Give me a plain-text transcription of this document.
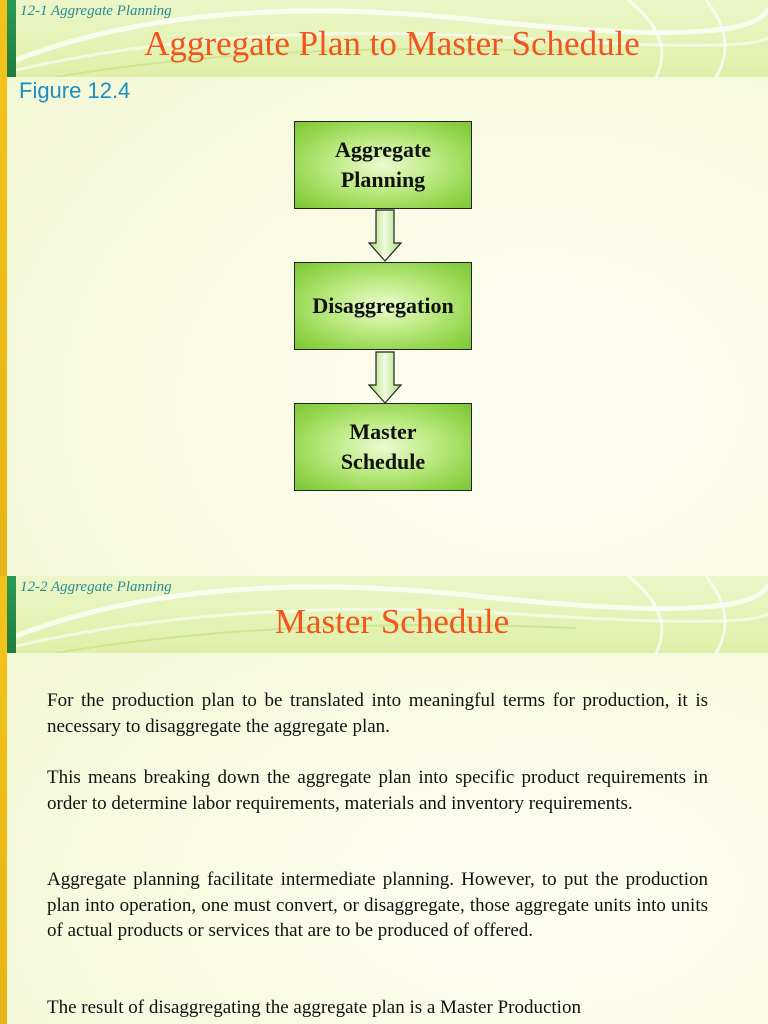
12-1 Aggregate Planning
Aggregate Plan to Master Schedule
Figure 12.4
Aggregate
Planning
Disaggregation
Master
Schedule
12-2 Aggregate Planning
Master Schedule

For the production plan to be translated into meaningful terms for production, it is necessary to disaggregate the aggregate plan.

This means breaking down the aggregate plan into specific product requirements in order to determine labor requirements, materials and inventory requirements.

Aggregate planning facilitate intermediate planning. However, to put the production plan into operation, one must convert, or disaggregate, those aggregate units into units of actual products or services that are to be produced of offered.

The result of disaggregating the aggregate plan is a Master Production
